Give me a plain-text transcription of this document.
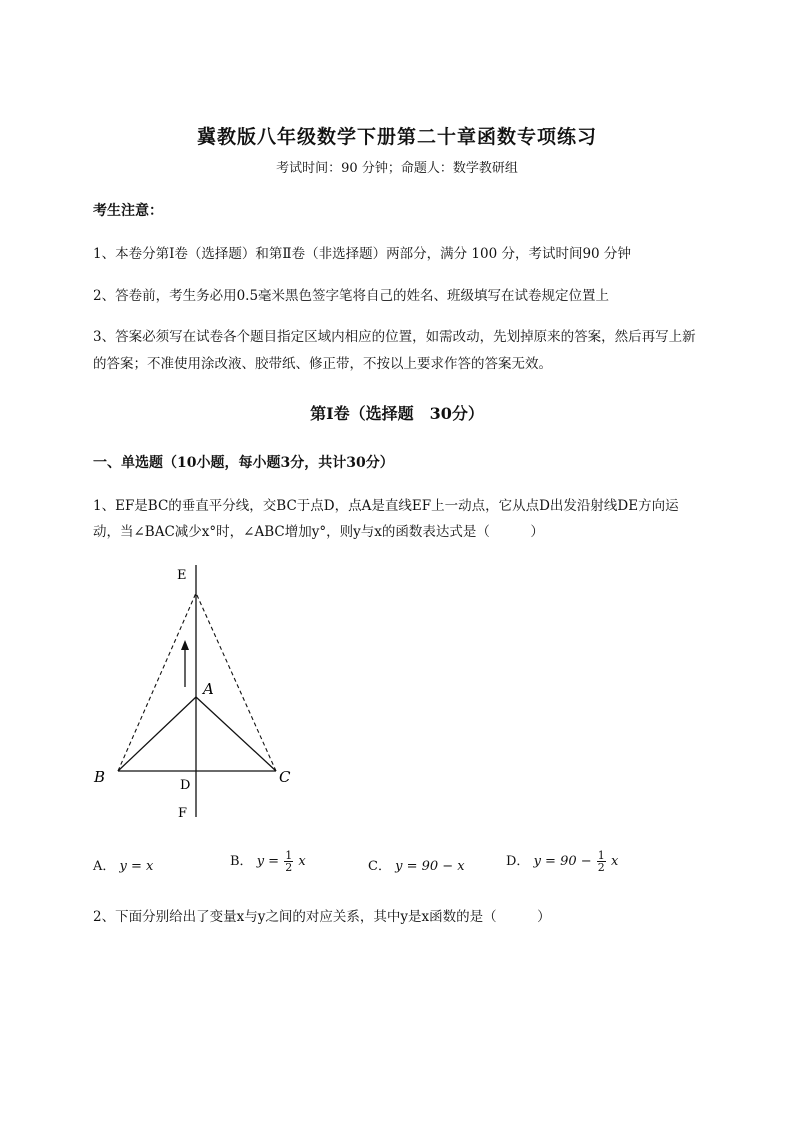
冀教版八年级数学下册第二十章函数专项练习
考试时间：90 分钟；命题人：数学教研组
考生注意：
1、本卷分第Ⅰ卷（选择题）和第Ⅱ卷（非选择题）两部分，满分 100 分，考试时间90 分钟
2、答卷前，考生务必用0.5毫米黑色签字笔将自己的姓名、班级填写在试卷规定位置上
3、答案必须写在试卷各个题目指定区域内相应的位置，如需改动，先划掉原来的答案，然后再写上新
的答案；不准使用涂改液、胶带纸、修正带，不按以上要求作答的答案无效。
第Ⅰ卷（选择题　30分）
一、单选题（10小题，每小题3分，共计30分）
1、EF是BC的垂直平分线，交BC于点D，点A是直线EF上一动点，它从点D出发沿射线DE方向运
动，当∠BAC减少x°时，∠ABC增加y°，则y与x的函数表达式是（　　　）
E
A
B	C
D
F
A． y = x	B． $y = \frac{1}{2}$ x	C． y = 90 − x	D． $y = 90 - \frac{1}{2}$ x
2、下面分别给出了变量x与y之间的对应关系，其中y是x函数的是（　　　）
